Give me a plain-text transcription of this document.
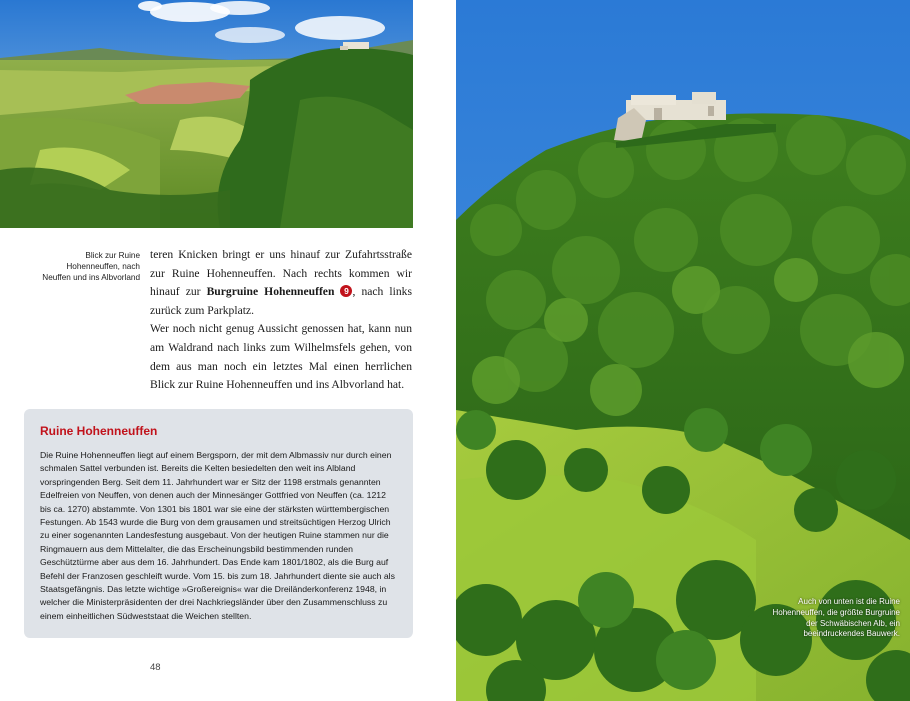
Blick zur Ruine Hohenneuffen, nach Neuffen und ins Albvorland

teren Knicken bringt er uns hinauf zur Zufahrtsstraße zur Ruine Hohenneuffen. Nach rechts kommen wir hinauf zur Burgruine Hohenneuffen 9 , nach links zurück zum Parkplatz.

Wer noch nicht genug Aussicht genossen hat, kann nun am Waldrand nach links zum Wilhelmsfels gehen, von dem aus man noch ein letztes Mal einen herrlichen Blick zur Ruine Hohenneuffen und ins Albvorland hat.

Ruine Hohenneuffen
Die Ruine Hohenneuffen liegt auf einem Bergsporn, der mit dem Albmassiv nur durch einen schmalen Sattel verbunden ist. Bereits die Kelten besiedelten den weit ins Albland vorspringenden Berg. Seit dem 11. Jahrhundert war er Sitz der 1198 erstmals genannten Edelfreien von Neuffen, von denen auch der Minnesänger Gottfried von Neuffen (ca. 1212 bis ca. 1270) abstammte. Von 1301 bis 1801 war sie eine der stärksten württembergischen Festungen. Ab 1543 wurde die Burg von dem grausamen und streitsüchtigen Herzog Ulrich zu einer sogenannten Landesfestung ausgebaut. Von der heutigen Ruine stammen nur die Ringmauern aus dem Mittelalter, die das Erscheinungsbild bestimmenden runden Geschütztürme aber aus dem 16. Jahrhundert. Das Ende kam 1801/1802, als die Burg auf Befehl der Franzosen geschleift wurde. Vom 15. bis zum 18. Jahrhundert diente sie auch als Staatsgefängnis. Das letzte wichtige »Großereignis« war die Dreiländerkonferenz 1948, in welcher die Ministerpräsidenten der drei Nachkriegsländer über den Zusammenschluss zu einem einheitlichen Südweststaat die Weichen stellten.
48
Auch von unten ist die Ruine Hohenneuffen, die größte Burgruine der Schwäbischen Alb, ein beeindruckendes Bauwerk.
